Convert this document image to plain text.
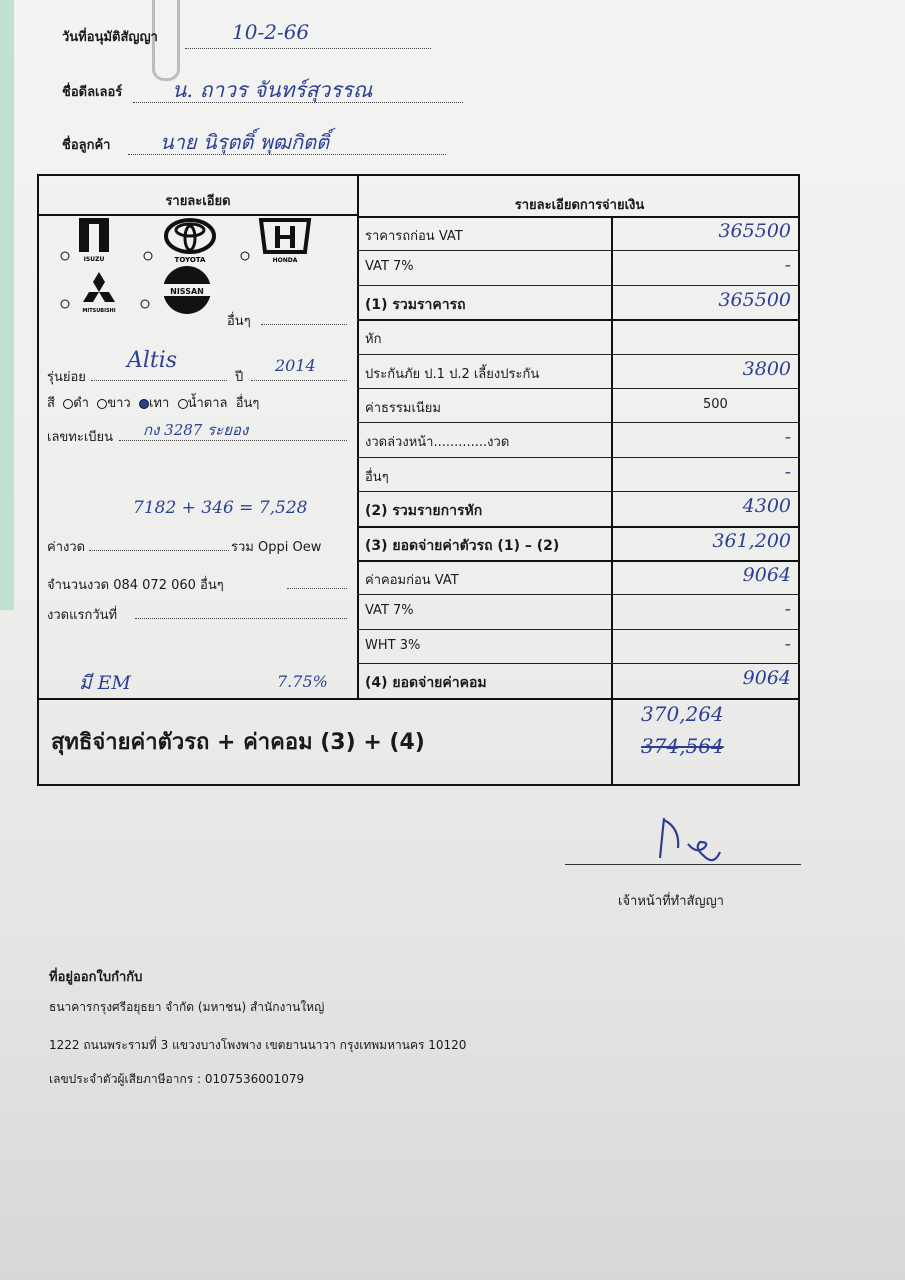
วันที่อนุมัติสัญญา	10-2-66
ชื่อดีลเลอร์ น. ถาวร จันทร์สุวรรณ
ชื่อลูกค้า นาย นิรุตติ์ พุฒกิตติ์
รายละเอียด	รายละเอียดการจ่ายเงิน
ISUZU	TOYOTA	HONDA
MITSUBISHI
NISSAN
อื่นๆ
รุ่นย่อย
Altis
ปี
2014
สี ดำ ขาว เทา น้ำตาล อื่นๆ
เลขทะเบียน กง 3287 ระยอง
7182 + 346 = 7,528
ค่างวด	รวม Oppi Oew
จำนวนงวด 084 072 060 อื่นๆ
งวดแรกวันที่
มี EM	7.75%
ราคารถก่อน VAT	365500
VAT 7%	-
(1) รวมราคารถ	365500
หัก
ประกันภัย ป.1 ป.2 เลี้ยงประกัน	3800
ค่าธรรมเนียม	500
งวดล่วงหน้า.............งวด	-
อื่นๆ	-
(2) รวมรายการหัก	4300
(3) ยอดจ่ายค่าตัวรถ (1) – (2)	361,200
ค่าคอมก่อน VAT	9064
VAT 7%	-
WHT 3%	-
(4) ยอดจ่ายค่าคอม	9064
สุทธิจ่ายค่าตัวรถ + ค่าคอม (3) + (4)
370,264
374,564
เจ้าหน้าที่ทำสัญญา
ที่อยู่ออกใบกำกับ
ธนาคารกรุงศรีอยุธยา จำกัด (มหาชน) สำนักงานใหญ่
1222 ถนนพระรามที่ 3 แขวงบางโพงพาง เขตยานนาวา กรุงเทพมหานคร 10120
เลขประจำตัวผู้เสียภาษีอากร : 0107536001079
